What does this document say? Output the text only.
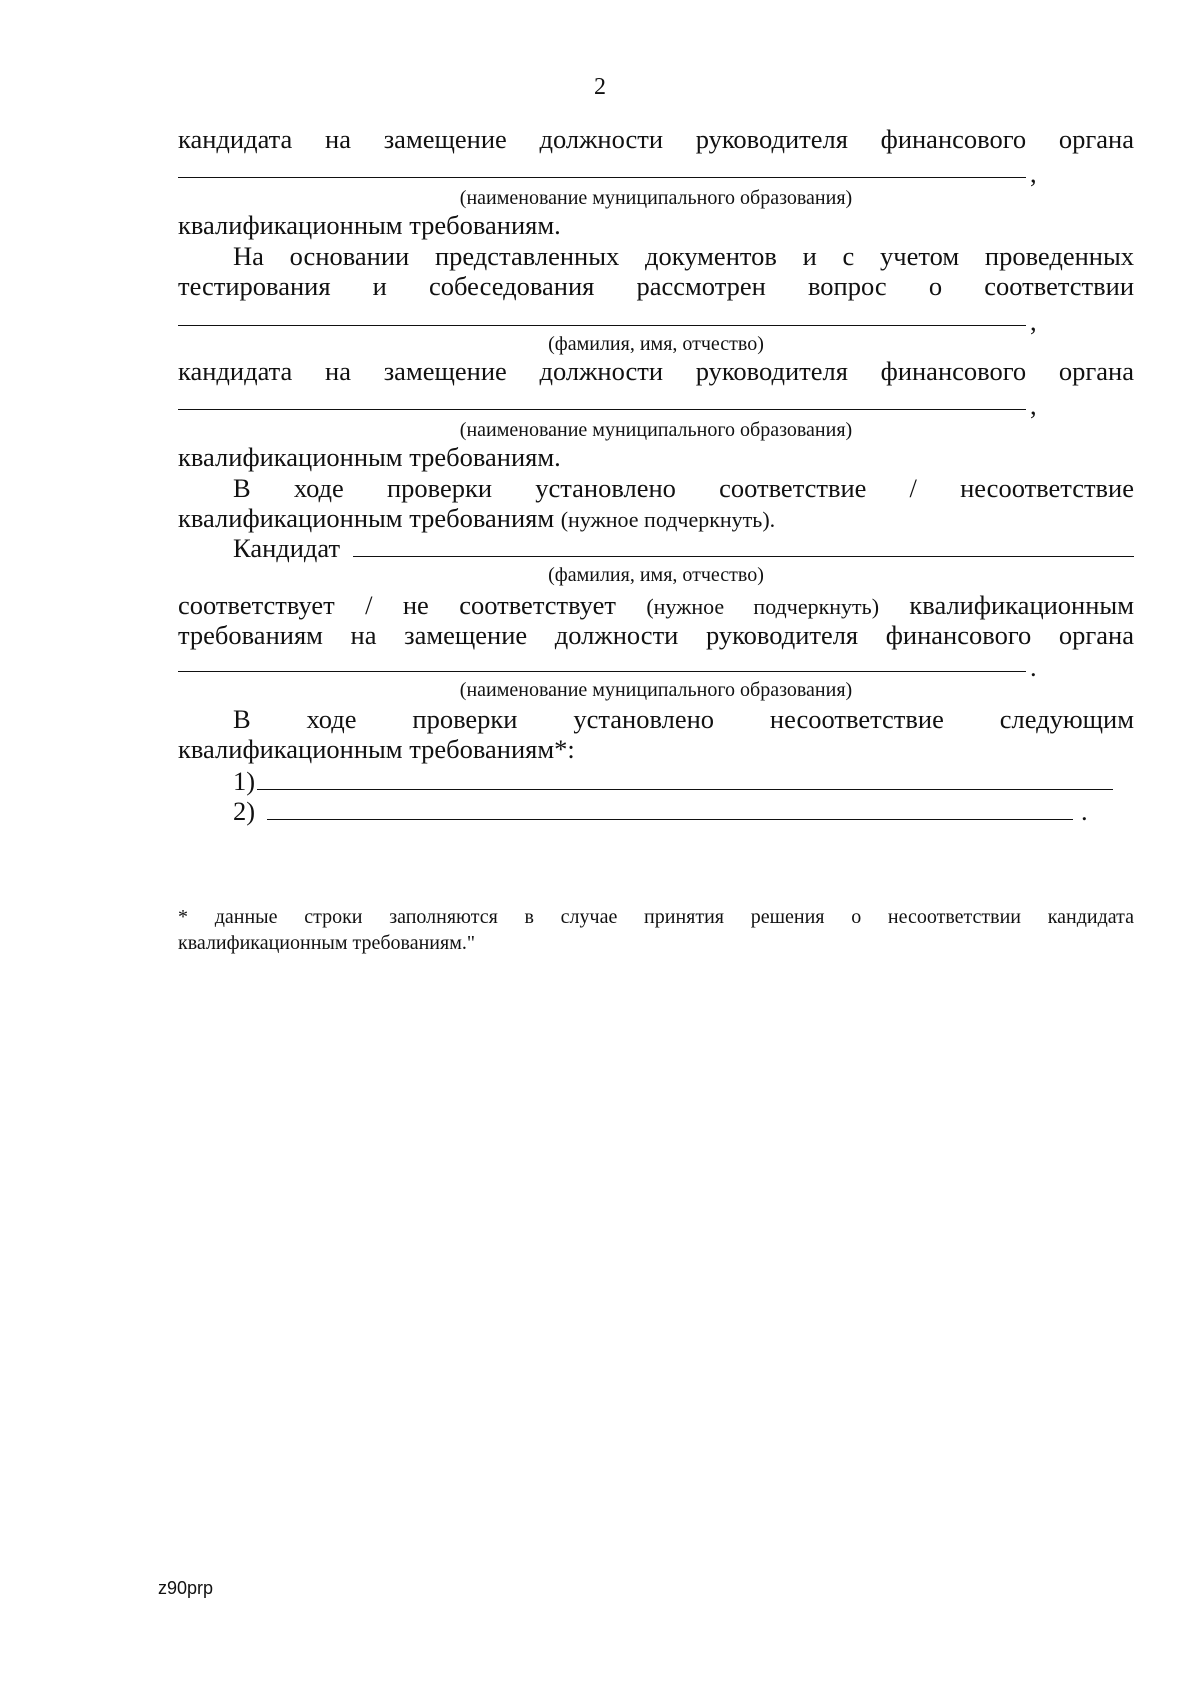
2
кандидата на замещение должности руководителя финансового органа
,
(наименование муниципального образования)
квалификационным требованиям.
На основании представленных документов и с учетом проведенных
тестирования и собеседования рассмотрен вопрос о соответствии
,
(фамилия, имя, отчество)
кандидата на замещение должности руководителя финансового органа
,
(наименование муниципального образования)
квалификационным требованиям.
В ходе проверки установлено соответствие / несоответствие
квалификационным требованиям (нужное подчеркнуть).
Кандидат
(фамилия, имя, отчество)
соответствует / не соответствует (нужное подчеркнуть) квалификационным
требованиям на замещение должности руководителя финансового органа
.
(наименование муниципального образования)
В ходе проверки установлено несоответствие следующим
квалификационным требованиям*:
1)
2)	.
* данные строки заполняются в случае принятия решения о несоответствии кандидата
квалификационным требованиям."
z90prp
